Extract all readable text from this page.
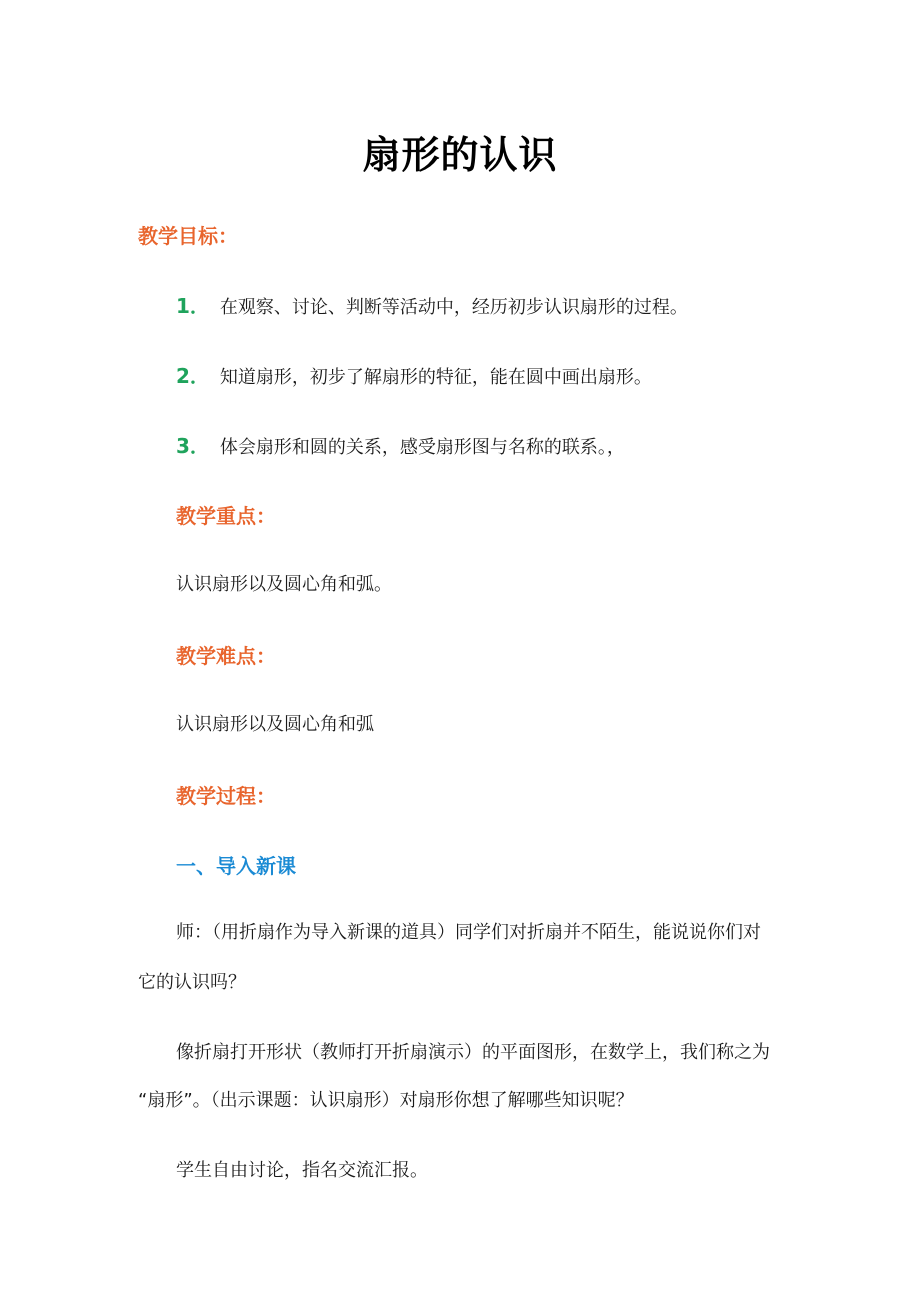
扇形的认识
教学目标：
1． 在观察、讨论、判断等活动中，经历初步认识扇形的过程。
2． 知道扇形，初步了解扇形的特征，能在圆中画出扇形。
3． 体会扇形和圆的关系，感受扇形图与名称的联系。，
教学重点：
认识扇形以及圆心角和弧。
教学难点：
认识扇形以及圆心角和弧
教学过程：
一、导入新课
师：（用折扇作为导入新课的道具）同学们对折扇并不陌生，能说说你们对
它的认识吗？
像折扇打开形状（教师打开折扇演示）的平面图形，在数学上，我们称之为
“扇形”。（出示课题：认识扇形）对扇形你想了解哪些知识呢？
学生自由讨论，指名交流汇报。
